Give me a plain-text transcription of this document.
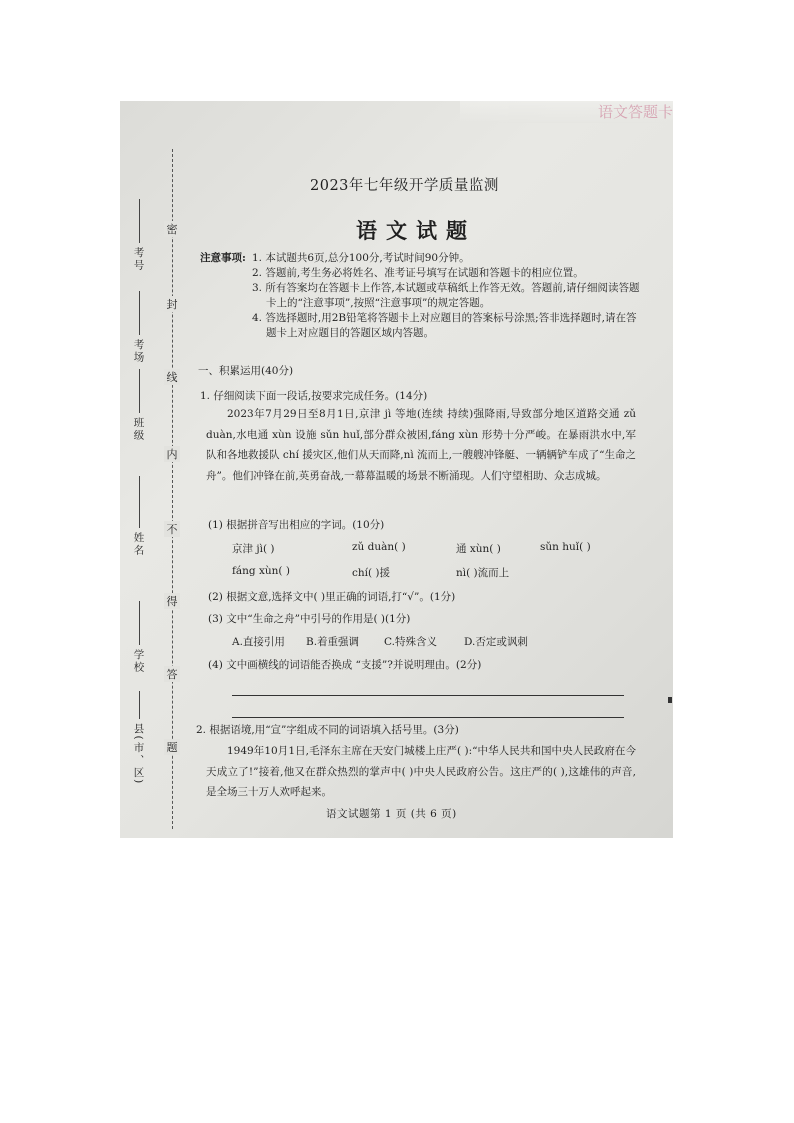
语文答题卡
密
封
线
内
不
得
答
题
考号
考场
班级
姓名
学校
县(市、区)
2023年七年级开学质量监测
语文试题
注意事项: 1. 本试题共6页,总分100分,考试时间90分钟。
2. 答题前,考生务必将姓名、准考证号填写在试题和答题卡的相应位置。
3. 所有答案均在答题卡上作答,本试题或草稿纸上作答无效。答题前,请仔细阅读答题卡上的“注意事项”,按照“注意事项”的规定答题。
4. 答选择题时,用2B铅笔将答题卡上对应题目的答案标号涂黑;答非选择题时,请在答题卡上对应题目的答题区域内答题。
一、积累运用(40分)
1. 仔细阅读下面一段话,按要求完成任务。(14分)
2023年7月29日至8月1日,京津 jì 等地(连续 持续)强降雨,导致部分地区道路交通 zǔ duàn,水电通 xùn 设施 sǔn huǐ,部分群众被困,fáng xùn 形势十分严峻。在暴雨洪水中,军队和各地救援队 chí 援灾区,他们从天而降,nì 流而上,一艘艘冲锋艇、一辆辆铲车成了“生命之舟”。他们冲锋在前,英勇奋战,一幕幕温暖的场景不断涌现。人们守望相助、众志成城。
(1) 根据拼音写出相应的字词。(10分)
京津 jì( )	zǔ duàn( )	通 xùn( )	sǔn huǐ( )
fáng xùn( )	chí( )援	nì( )流而上
(2) 根据文意,选择文中( )里正确的词语,打“√”。(1分)
(3) 文中“生命之舟”中引号的作用是( )(1分)
A.直接引用 B.着重强调 C.特殊含义	D.否定或讽刺
(4) 文中画横线的词语能否换成 “支援”?并说明理由。(2分)
2. 根据语境,用“宣”字组成不同的词语填入括号里。(3分)
1949年10月1日,毛泽东主席在天安门城楼上庄严( ):“中华人民共和国中央人民政府在今天成立了!”接着,他又在群众热烈的掌声中( )中央人民政府公告。这庄严的( ),这雄伟的声音,是全场三十万人欢呼起来。
语文试题第 1 页 (共 6 页)
